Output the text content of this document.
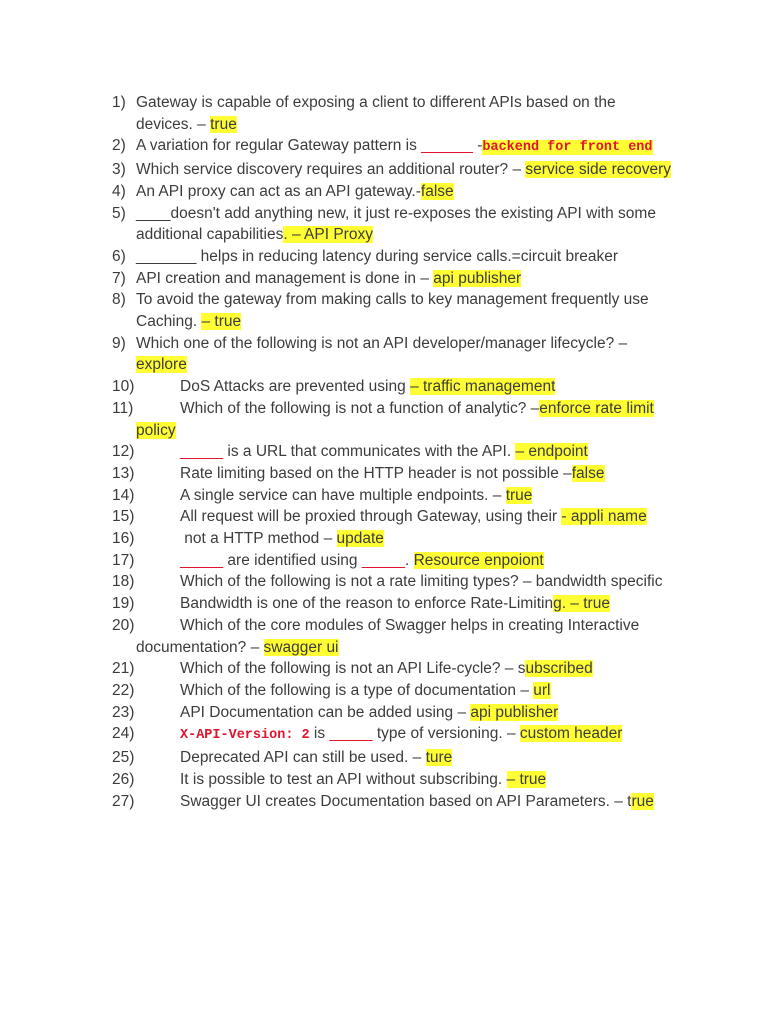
1) Gateway is capable of exposing a client to different APIs based on the devices. – true
2) A variation for regular Gateway pattern is ______ -backend for front end
3) Which service discovery requires an additional router? – service side recovery
4) An API proxy can act as an API gateway.-false
5) ____doesn't add anything new, it just re-exposes the existing API with some additional capabilities. – API Proxy
6) _______ helps in reducing latency during service calls.=circuit breaker
7) API creation and management is done in – api publisher
8) To avoid the gateway from making calls to key management frequently use Caching. – true
9) Which one of the following is not an API developer/manager lifecycle? – explore
10)	DoS Attacks are prevented using – traffic management
11)	Which of the following is not a function of analytic? –enforce rate limit policy
12)	_____ is a URL that communicates with the API. – endpoint
13)	Rate limiting based on the HTTP header is not possible –false
14)	A single service can have multiple endpoints. – true
15)	All request will be proxied through Gateway, using their - appli name
16)	not a HTTP method – update
17)	_____ are identified using _____. Resource enpoiont
18)	Which of the following is not a rate limiting types? – bandwidth specific
19)	Bandwidth is one of the reason to enforce Rate-Limiting. – true
20)	Which of the core modules of Swagger helps in creating Interactive documentation? – swagger ui
21)	Which of the following is not an API Life-cycle? – subscribed
22)	Which of the following is a type of documentation – url
23)	API Documentation can be added using – api publisher
24)	X-API-Version: 2 is _____ type of versioning. – custom header
25)	Deprecated API can still be used. – ture
26)	It is possible to test an API without subscribing. – true
27)	Swagger UI creates Documentation based on API Parameters. – true
